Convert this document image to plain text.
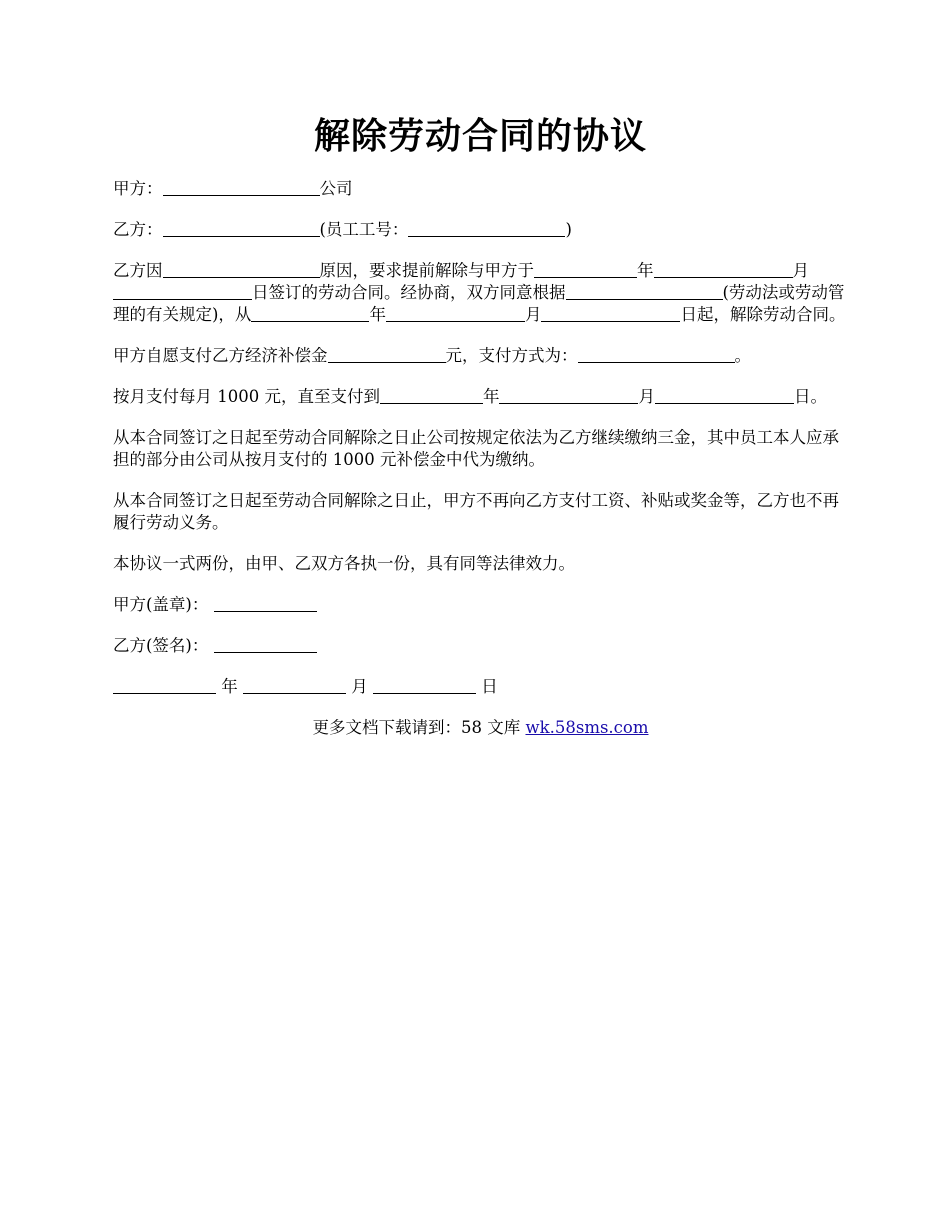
解除劳动合同的协议

甲方：	公司

乙方：	(员工工号：	)

乙方因	原因，要求提前解除与甲方于	年	月日签订的劳动合同。经协商，双方同意根据	(劳动法或劳动管理的有关规定)，从	年	月	日起，解除劳动合同。

甲方自愿支付乙方经济补偿金	元，支付方式为：	。

按月支付每月 1000 元，直至支付到	年	月	日。

从本合同签订之日起至劳动合同解除之日止公司按规定依法为乙方继续缴纳三金，其中员工本人应承担的部分由公司从按月支付的 1000 元补偿金中代为缴纳。

从本合同签订之日起至劳动合同解除之日止，甲方不再向乙方支付工资、补贴或奖金等，乙方也不再履行劳动义务。

本协议一式两份，由甲、乙双方各执一份，具有同等法律效力。

甲方(盖章)：

乙方(签名)：

年	月	日

更多文档下载请到：58 文库 wk.58sms.com
